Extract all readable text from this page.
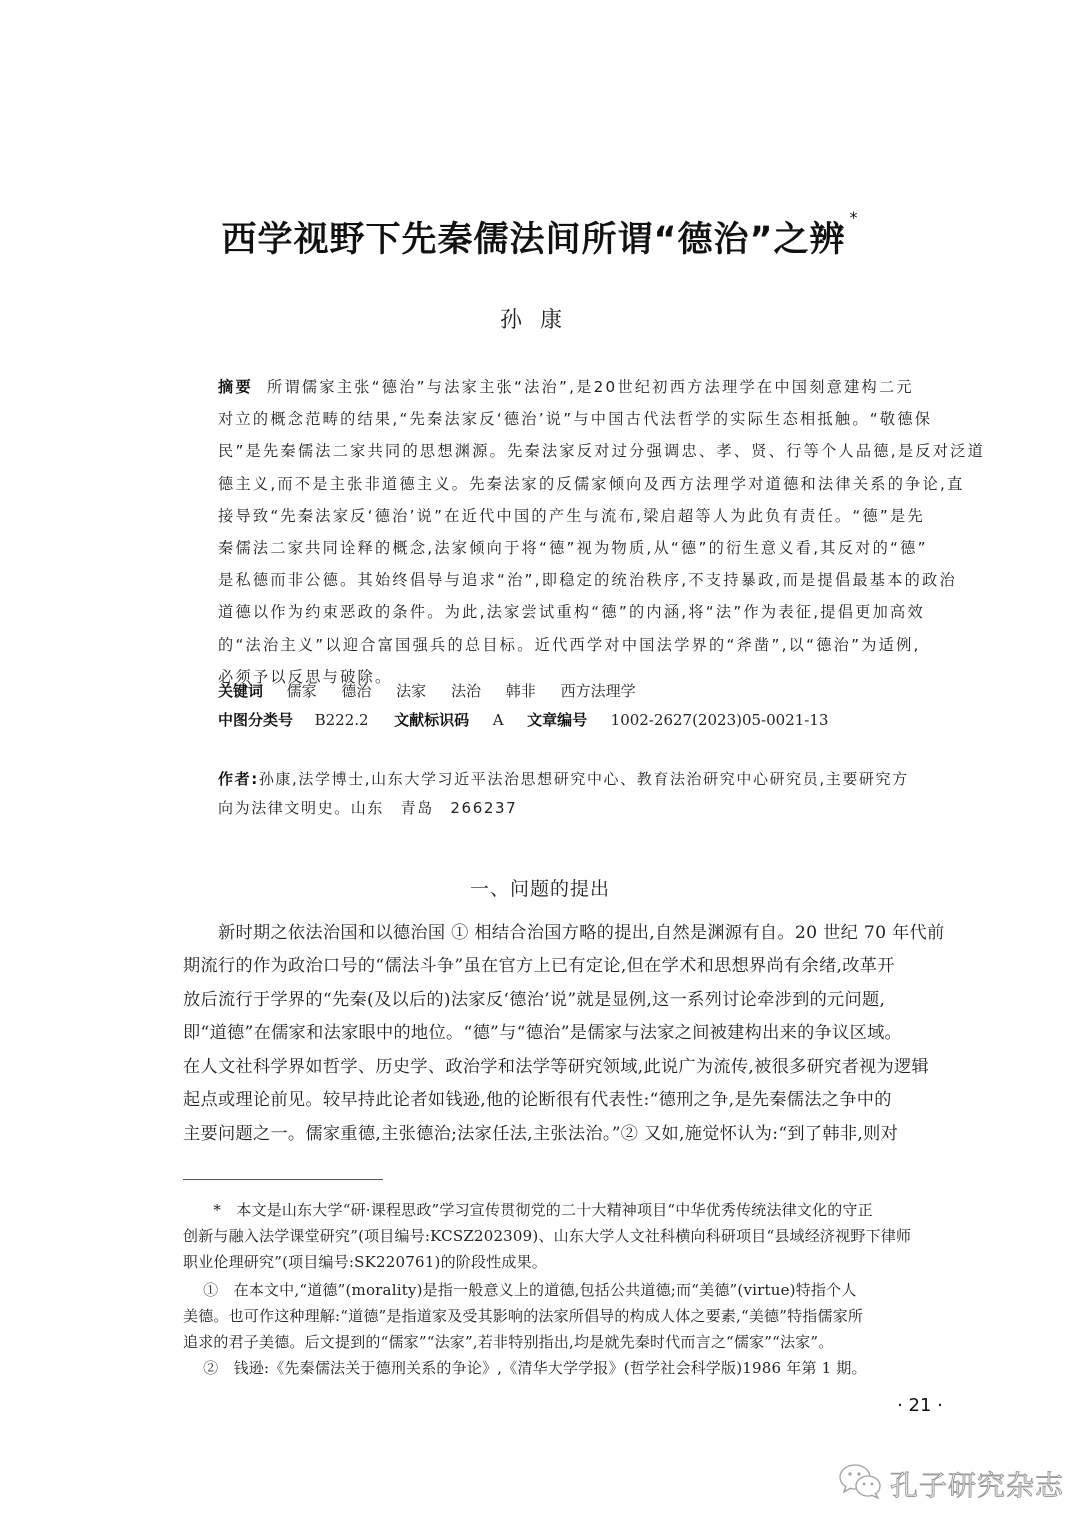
西学视野下先秦儒法间所谓“德治”之辨*
孙康
摘要 所谓儒家主张“德治”与法家主张“法治”,是20世纪初西方法理学在中国刻意建构二元
对立的概念范畴的结果,“先秦法家反‘德治’说”与中国古代法哲学的实际生态相抵触。“敬德保
民”是先秦儒法二家共同的思想渊源。先秦法家反对过分强调忠、孝、贤、行等个人品德,是反对泛道
德主义,而不是主张非道德主义。先秦法家的反儒家倾向及西方法理学对道德和法律关系的争论,直
接导致“先秦法家反‘德治’说”在近代中国的产生与流布,梁启超等人为此负有责任。“德”是先
秦儒法二家共同诠释的概念,法家倾向于将“德”视为物质,从“德”的衍生意义看,其反对的“德”
是私德而非公德。其始终倡导与追求“治”,即稳定的统治秩序,不支持暴政,而是提倡最基本的政治
道德以作为约束恶政的条件。为此,法家尝试重构“德”的内涵,将“法”作为表征,提倡更加高效
的“法治主义”以迎合富国强兵的总目标。近代西学对中国法学界的“斧凿”,以“德治”为适例,
必须予以反思与破除。
关键词 儒家 德治 法家 法治 韩非 西方法理学
中图分类号 B222.2 文献标识码 A 文章编号 1002-2627(2023)05-0021-13
作者:孙康,法学博士,山东大学习近平法治思想研究中心、教育法治研究中心研究员,主要研究方
向为法律文明史。山东　青岛　266237
一、问题的提出
　　新时期之依法治国和以德治国 ① 相结合治国方略的提出,自然是渊源有自。20 世纪 70 年代前
期流行的作为政治口号的“儒法斗争”虽在官方上已有定论,但在学术和思想界尚有余绪,改革开
放后流行于学界的“先秦(及以后的)法家反‘德治’说”就是显例,这一系列讨论牵涉到的元问题,
即“道德”在儒家和法家眼中的地位。“德”与“德治”是儒家与法家之间被建构出来的争议区域。
在人文社科学界如哲学、历史学、政治学和法学等研究领域,此说广为流传,被很多研究者视为逻辑
起点或理论前见。较早持此论者如钱逊,他的论断很有代表性:“德刑之争,是先秦儒法之争中的
主要问题之一。儒家重德,主张德治;法家任法,主张法治。”② 又如,施觉怀认为:“到了韩非,则对
　　*　本文是山东大学“研·课程思政”学习宣传贯彻党的二十大精神项目“中华优秀传统法律文化的守正
创新与融入法学课堂研究”(项目编号:KCSZ202309)、山东大学人文社科横向科研项目“县域经济视野下律师
职业伦理研究”(项目编号:SK220761)的阶段性成果。
　 ①　在本文中,“道德”(morality)是指一般意义上的道德,包括公共道德;而“美德”(virtue)特指个人
美德。也可作这种理解:“道德”是指道家及受其影响的法家所倡导的构成人体之要素,“美德”特指儒家所
追求的君子美德。后文提到的“儒家”“法家”,若非特别指出,均是就先秦时代而言之“儒家”“法家”。
　 ②　钱逊:《先秦儒法关于德刑关系的争论》,《清华大学学报》(哲学社会科学版)1986 年第 1 期。
· 21 ·
孔子研究杂志
